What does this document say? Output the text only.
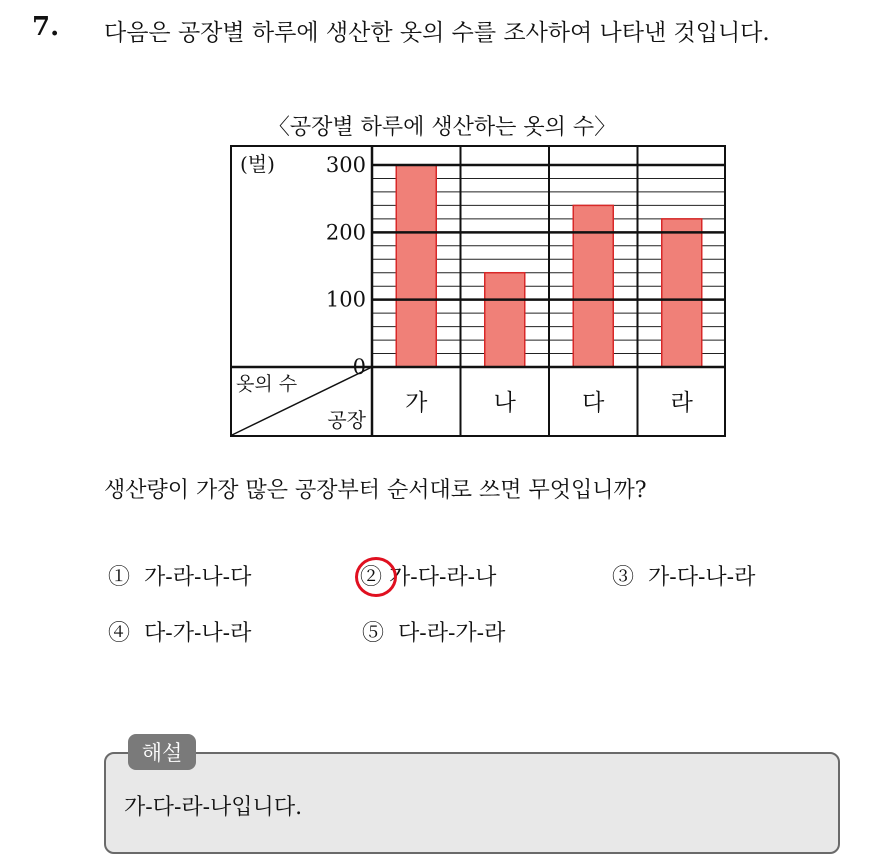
7. 다음은 공장별 하루에 생산한 옷의 수를 조사하여 나타낸 것입니다.
〈공장별 하루에 생산하는 옷의 수〉
(벌)
0
100
200
300
옷의 수
공장
가	나	다	라
생산량이 가장 많은 공장부터 순서대로 쓰면 무엇입니까?
① 가-라-나-다	② 가-다-라-나	③ 가-다-나-라
④ 다-가-나-라	⑤ 다-라-가-라
해설
가-다-라-나입니다.
